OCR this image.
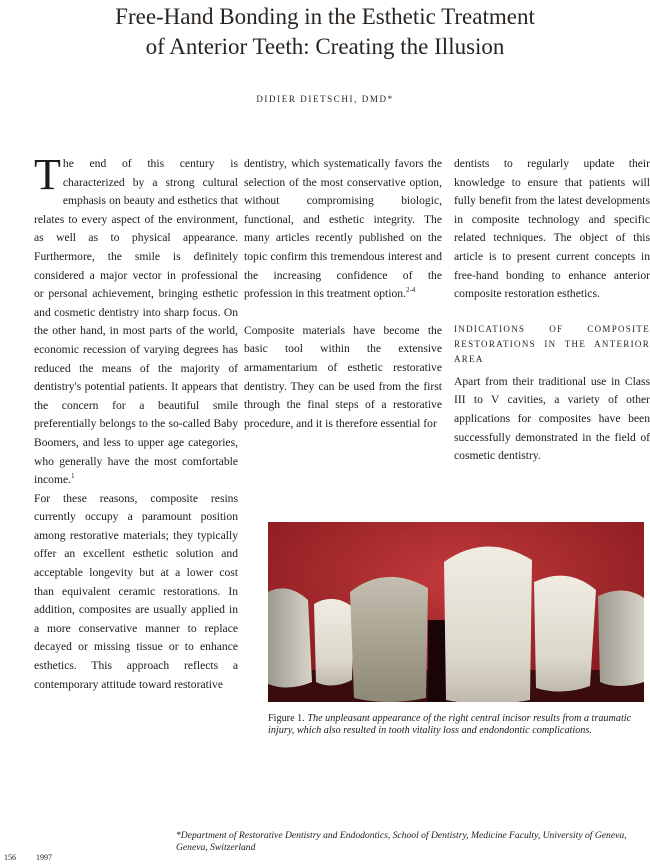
Free-Hand Bonding in the Esthetic Treatment
of Anterior Teeth: Creating the Illusion
DIDIER DIETSCHI, DMD*

The end of this century is characterized by a strong cultural emphasis on beauty and esthetics that relates to every aspect of the environment, as well as to physical appearance. Furthermore, the smile is definitely considered a major vector in professional or personal achievement, bringing esthetic and cosmetic dentistry into sharp focus. On the other hand, in most parts of the world, economic recession of varying degrees has reduced the means of the majority of dentistry's potential patients. It appears that the concern for a beautiful smile preferentially belongs to the so-called Baby Boomers, and less to upper age categories, who generally have the most comfortable income.$^1$

For these reasons, composite resins currently occupy a paramount position among restorative materials; they typically offer an excellent esthetic solution and acceptable longevity but at a lower cost than equivalent ceramic restorations. In addition, composites are usually applied in a more conservative manner to replace decayed or missing tissue or to enhance esthetics. This approach reflects a contemporary attitude toward restorative

dentistry, which systematically favors the selection of the most conservative option, without compromising biologic, functional, and esthetic integrity. The many articles recently published on the topic confirm this tremendous interest and the increasing confidence of the profession in this treatment option.$^{2-4}$

Composite materials have become the basic tool within the extensive armamentarium of esthetic restorative dentistry. They can be used from the first through the final steps of a restorative procedure, and it is therefore essential for

dentists to regularly update their knowledge to ensure that patients will fully benefit from the latest developments in composite technology and specific related techniques. The object of this article is to present current concepts in free-hand bonding to enhance anterior composite restoration esthetics.

INDICATIONS OF COMPOSITE RESTORATIONS IN THE ANTERIOR AREA

Apart from their traditional use in Class III to V cavities, a variety of other applications for composites have been successfully demonstrated in the field of cosmetic dentistry.

Figure 1. The unpleasant appearance of the right central incisor results from a traumatic injury, which also resulted in tooth vitality loss and endondontic complications.
*Department of Restorative Dentistry and Endodontics, School of Dentistry, Medicine Faculty, University of Geneva, Geneva, Switzerland
156	1997
